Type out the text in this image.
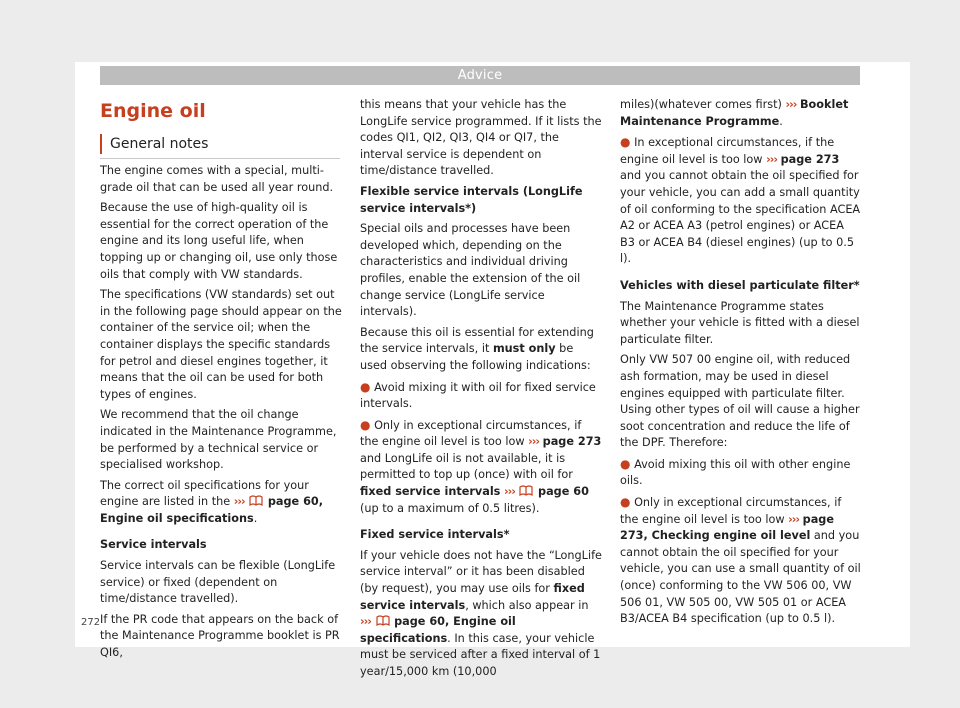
Advice
Engine oil
General notes

The engine comes with a special, multi-grade oil that can be used all year round.

Because the use of high-quality oil is essential for the correct operation of the engine and its long useful life, when topping up or changing oil, use only those oils that comply with VW standards.

The specifications (VW standards) set out in the following page should appear on the container of the service oil; when the container displays the specific standards for petrol and diesel engines together, it means that the oil can be used for both types of engines.

We recommend that the oil change indicated in the Maintenance Programme, be performed by a technical service or specialised workshop.

The correct oil specifications for your engine are listed in the ››› page 60, Engine oil specifications.

Service intervals

Service intervals can be flexible (LongLife service) or fixed (dependent on time/distance travelled).

If the PR code that appears on the back of the Maintenance Programme booklet is PR QI6,

this means that your vehicle has the LongLife service programmed. If it lists the codes QI1, QI2, QI3, QI4 or QI7, the interval service is dependent on time/distance travelled.

Flexible service intervals (LongLife service intervals*)

Special oils and processes have been developed which, depending on the characteristics and individual driving profiles, enable the extension of the oil change service (LongLife service intervals).

Because this oil is essential for extending the service intervals, it must only be used observing the following indications:

● Avoid mixing it with oil for fixed service intervals.

● Only in exceptional circumstances, if the engine oil level is too low ››› page 273 and LongLife oil is not available, it is permitted to top up (once) with oil for fixed service intervals ››› page 60 (up to a maximum of 0.5 litres).

Fixed service intervals*

If your vehicle does not have the “LongLife service interval” or it has been disabled (by request), you may use oils for fixed service intervals, which also appear in ››› page 60, Engine oil specifications. In this case, your vehicle must be serviced after a fixed interval of 1 year/15,000 km (10,000

miles)(whatever comes first) ››› Booklet Maintenance Programme.

● In exceptional circumstances, if the engine oil level is too low ››› page 273 and you cannot obtain the oil specified for your vehicle, you can add a small quantity of oil conforming to the specification ACEA A2 or ACEA A3 (petrol engines) or ACEA B3 or ACEA B4 (diesel engines) (up to 0.5 l).

Vehicles with diesel particulate filter*

The Maintenance Programme states whether your vehicle is fitted with a diesel particulate filter.

Only VW 507 00 engine oil, with reduced ash formation, may be used in diesel engines equipped with particulate filter. Using other types of oil will cause a higher soot concentration and reduce the life of the DPF. Therefore:

● Avoid mixing this oil with other engine oils.

● Only in exceptional circumstances, if the engine oil level is too low ››› page 273, Checking engine oil level and you cannot obtain the oil specified for your vehicle, you can use a small quantity of oil (once) conforming to the VW 506 00, VW 506 01, VW 505 00, VW 505 01 or ACEA B3/ACEA B4 specification (up to 0.5 l).

272
